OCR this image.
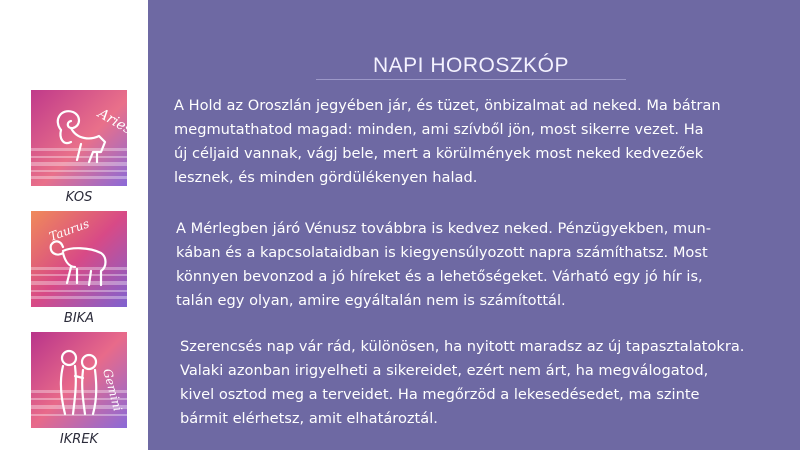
Aries
KOS
Taurus
BIKA
Gemini
IKREK
NAPI HOROSZKÓP
A Hold az Oroszlán jegyében jár, és tüzet, önbizalmat ad neked. Ma bátran
megmutathatod magad: minden, ami szívből jön, most sikerre vezet. Ha
új céljaid vannak, vágj bele, mert a körülmények most neked kedvezőek
lesznek, és minden gördülékenyen halad.
A Mérlegben járó Vénusz továbbra is kedvez neked. Pénzügyekben, mun-
kában és a kapcsolataidban is kiegyensúlyozott napra számíthatsz. Most
könnyen bevonzod a jó híreket és a lehetőségeket. Várható egy jó hír is,
talán egy olyan, amire egyáltalán nem is számítottál.
Szerencsés nap vár rád, különösen, ha nyitott maradsz az új tapasztalatokra.
Valaki azonban irigyelheti a sikereidet, ezért nem árt, ha megválogatod,
kivel osztod meg a terveidet. Ha megőrzöd a lekesedésedet, ma szinte
bármit elérhetsz, amit elhatároztál.
